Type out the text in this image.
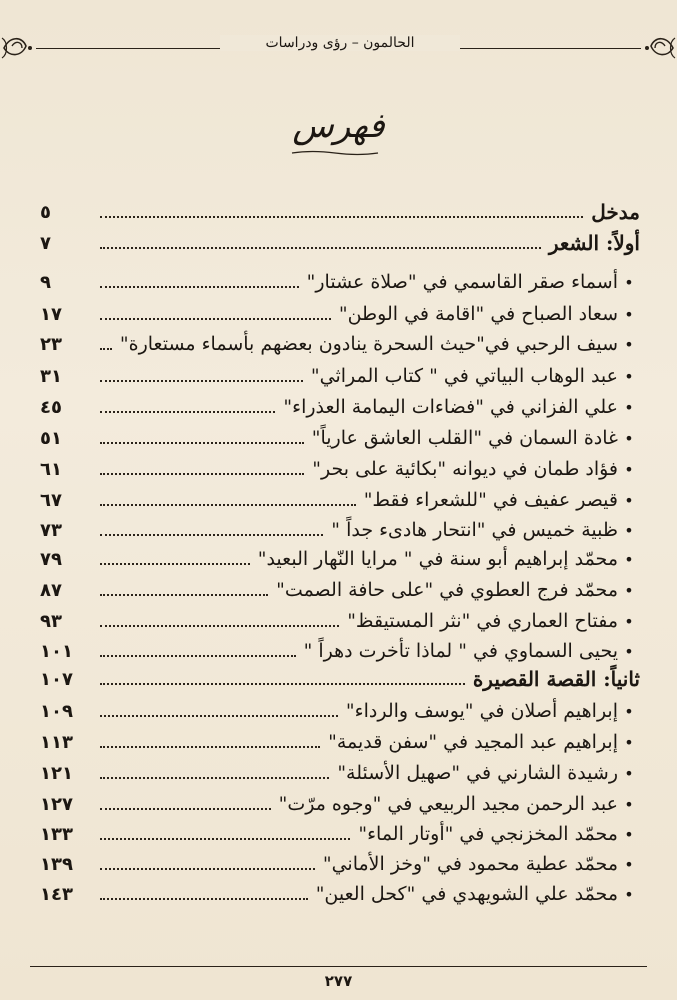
الحالمون – رؤى ودراسات
فهرس
مدخل
٥
أولاً: الشعر
٧
•
أسماء صقر القاسمي في "صلاة عشتار"
٩
•
سعاد الصباح في "اقامة في الوطن"
١٧
•
سيف الرحبي في"حيث السحرة ينادون بعضهم بأسماء مستعارة"
٢٣
•
عبد الوهاب البياتي في " كتاب المراثي"
٣١
•
علي الفزاني في "فضاءات اليمامة العذراء"
٤٥
•
غادة السمان في "القلب العاشق عارياً"
٥١
•
فؤاد طمان في ديوانه "بكائية على بحر"
٦١
•
قيصر عفيف في "للشعراء فقط"
٦٧
•
ظبية خميس في "انتحار هادىء جداً "
٧٣
•
محمّد إبراهيم أبو سنة في " مرايا النّهار البعيد"
٧٩
•
محمّد فرج العطوي في "على حافة الصمت"
٨٧
•
مفتاح العماري في "نثر المستيقظ"
٩٣
•
يحيى السماوي في " لماذا تأخرت دهراً "
١٠١
ثانياً: القصة القصيرة
١٠٧
•
إبراهيم أصلان في "يوسف والرداء"
١٠٩
•
إبراهيم عبد المجيد في "سفن قديمة"
١١٣
•
رشيدة الشارني في "صهيل الأسئلة"
١٢١
•
عبد الرحمن مجيد الربيعي في "وجوه مرّت"
١٢٧
•
محمّد المخزنجي في "أوتار الماء"
١٣٣
•
محمّد عطية محمود في "وخز الأماني"
١٣٩
•
محمّد علي الشويهدي في "كحل العين"
١٤٣
٢٧٧
